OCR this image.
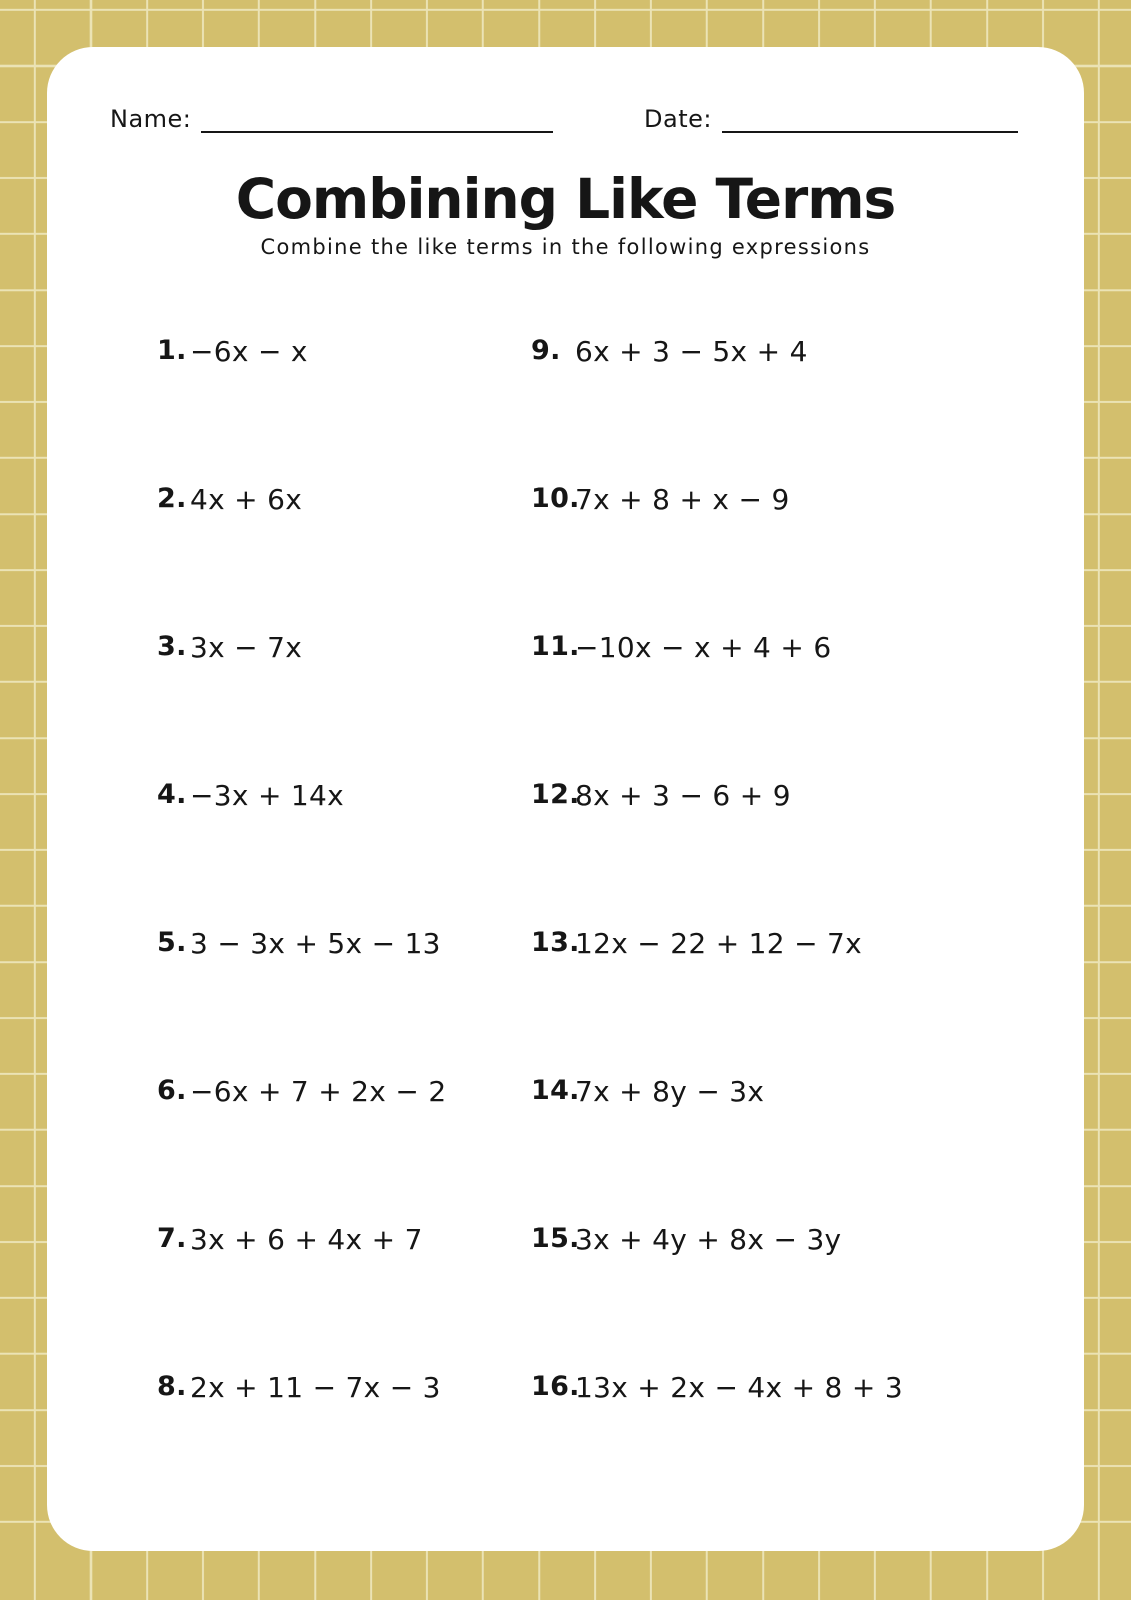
Name:	Date:
Combining Like Terms
Combine the like terms in the following expressions
1. −6x − x
2. 4x + 6x
3. 3x − 7x
4. −3x + 14x
5. 3 − 3x + 5x − 13
6. −6x + 7 + 2x − 2
7. 3x + 6 + 4x + 7
8. 2x + 11 − 7x − 3
9. 6x + 3 − 5x + 4
10.
7x + 8 + x − 9
11.
−10x − x + 4 + 6
12.
8x + 3 − 6 + 9
13.
12x − 22 + 12 − 7x
14.
7x + 8y − 3x
15.
3x + 4y + 8x − 3y
16.
13x + 2x − 4x + 8 + 3
